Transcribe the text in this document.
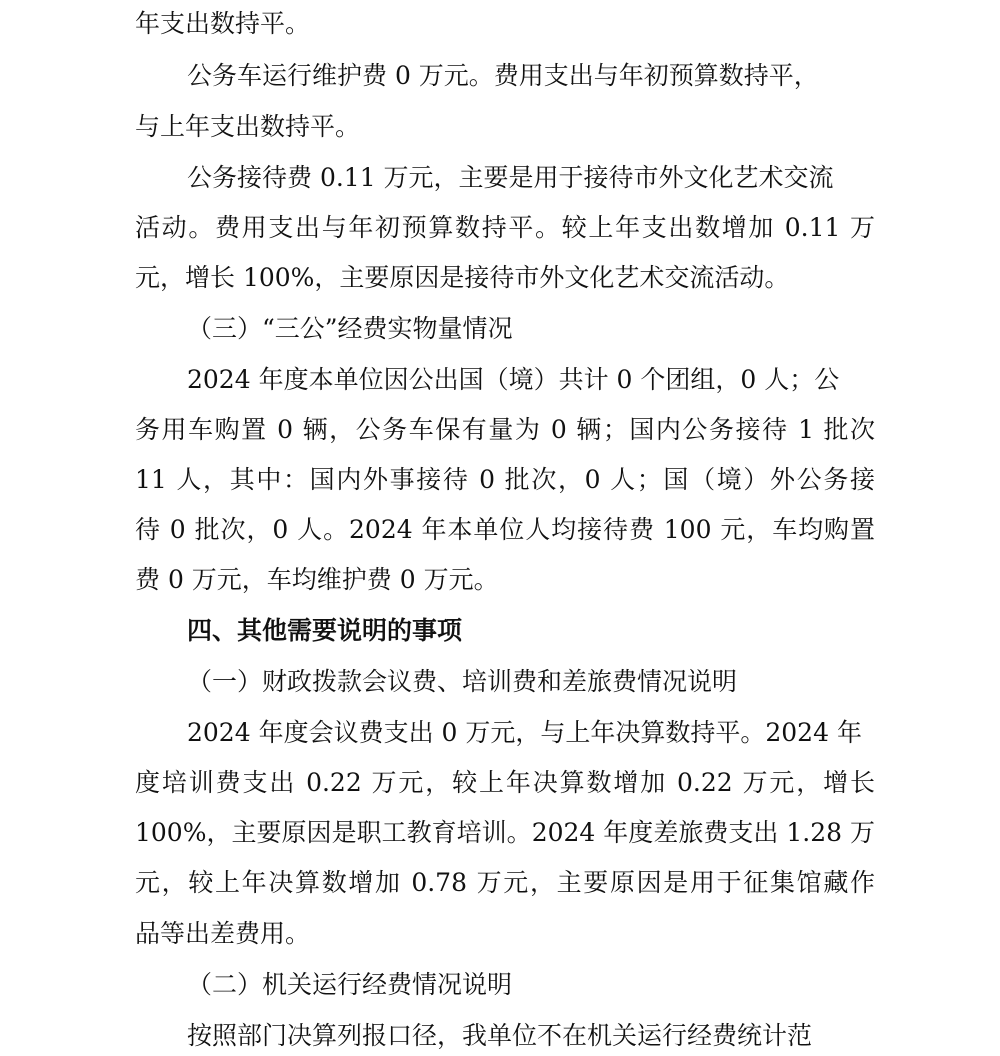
年支出数持平。
公务车运行维护费 0 万元。费用支出与年初预算数持平，
与上年支出数持平。
公务接待费 0.11 万元，主要是用于接待市外文化艺术交流
活动。费用支出与年初预算数持平。较上年支出数增加 0.11 万
元，增长 100%，主要原因是接待市外文化艺术交流活动。
（三）“三公”经费实物量情况
2024 年度本单位因公出国（境）共计 0 个团组，0 人；公
务用车购置 0 辆，公务车保有量为 0 辆；国内公务接待 1 批次
11 人，其中：国内外事接待 0 批次，0 人；国（境）外公务接
待 0 批次，0 人。2024 年本单位人均接待费 100 元，车均购置
费 0 万元，车均维护费 0 万元。
四、其他需要说明的事项
（一）财政拨款会议费、培训费和差旅费情况说明
2024 年度会议费支出 0 万元，与上年决算数持平。2024 年
度培训费支出 0.22 万元，较上年决算数增加 0.22 万元，增长
100%，主要原因是职工教育培训。2024 年度差旅费支出 1.28 万
元，较上年决算数增加 0.78 万元，主要原因是用于征集馆藏作
品等出差费用。
（二）机关运行经费情况说明
按照部门决算列报口径，我单位不在机关运行经费统计范
